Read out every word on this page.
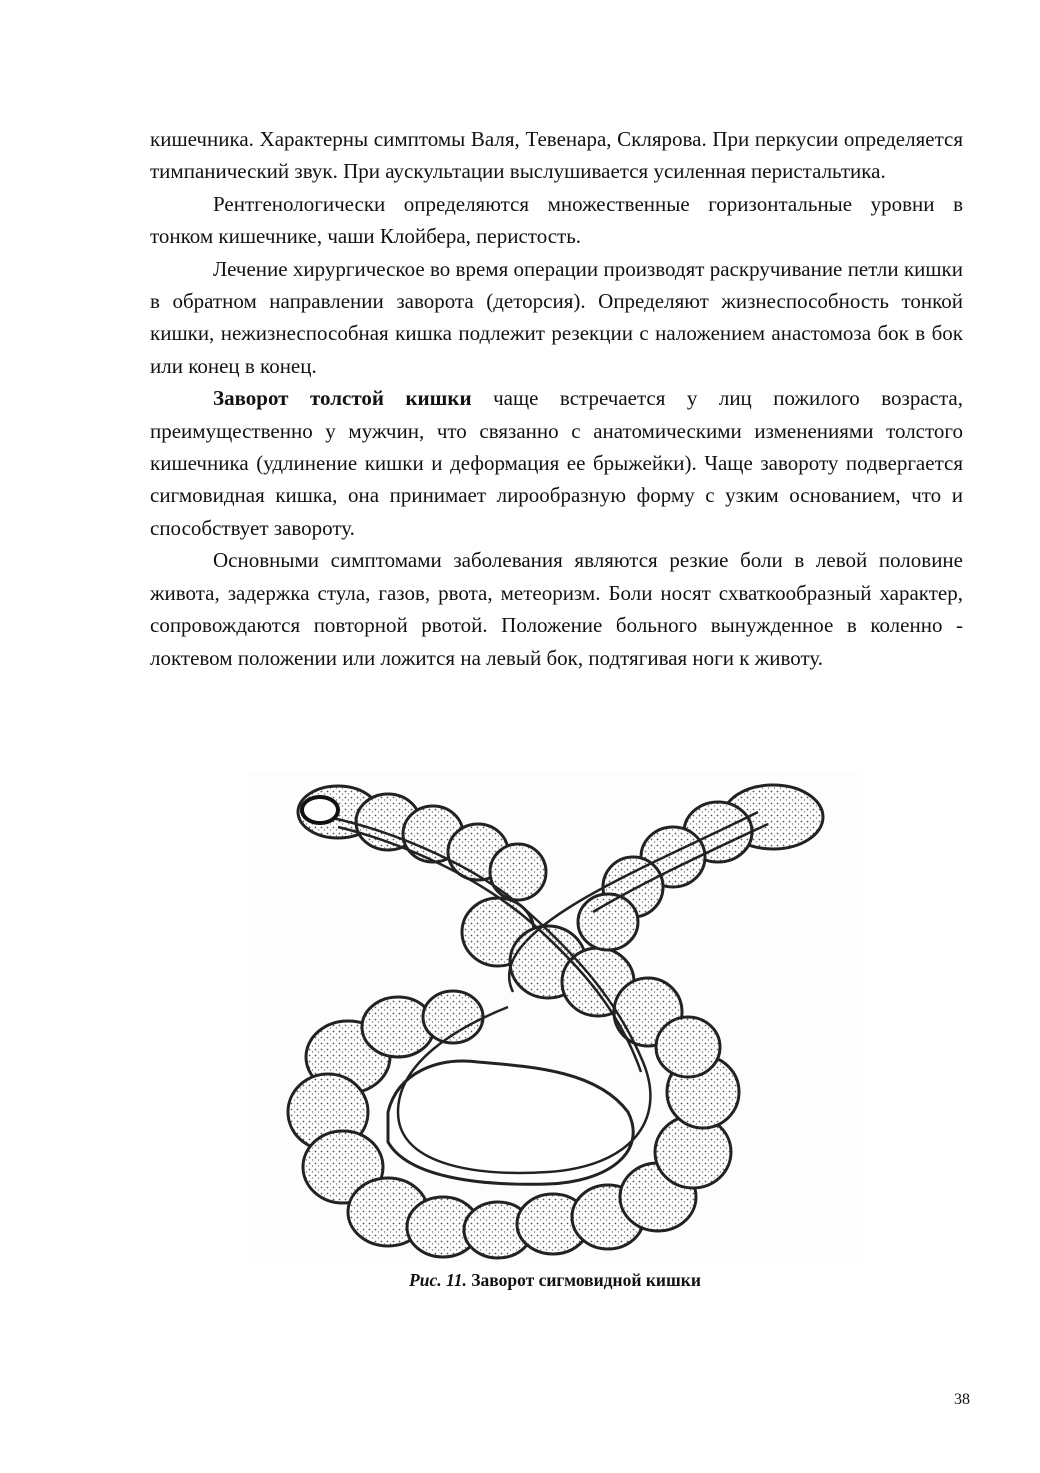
кишечника. Характерны симптомы Валя, Тевенара, Склярова. При перкусии определяется тимпанический звук. При аускультации выслушивается усиленная перистальтика.

Рентгенологически определяются множественные горизонтальные уровни в тонком кишечнике, чаши Клойбера, перистость.

Лечение хирургическое во время операции производят раскручивание петли кишки в обратном направлении заворота (деторсия). Определяют жизнеспособность тонкой кишки, нежизнеспособная кишка подлежит резекции с наложением анастомоза бок в бок или конец в конец.

Заворот толстой кишки чаще встречается у лиц пожилого возраста, преимущественно у мужчин, что связанно с анатомическими изменениями толстого кишечника (удлинение кишки и деформация ее брыжейки). Чаще завороту подвергается сигмовидная кишка, она принимает лирообразную форму с узким основанием, что и способствует завороту.

Основными симптомами заболевания являются резкие боли в левой половине живота, задержка стула, газов, рвота, метеоризм. Боли носят схваткообразный характер, сопровождаются повторной рвотой. Положение больного вынужденное в коленно - локтевом положении или ложится на левый бок, подтягивая ноги к животу.

Рис. 11. Заворот сигмовидной кишки
38
